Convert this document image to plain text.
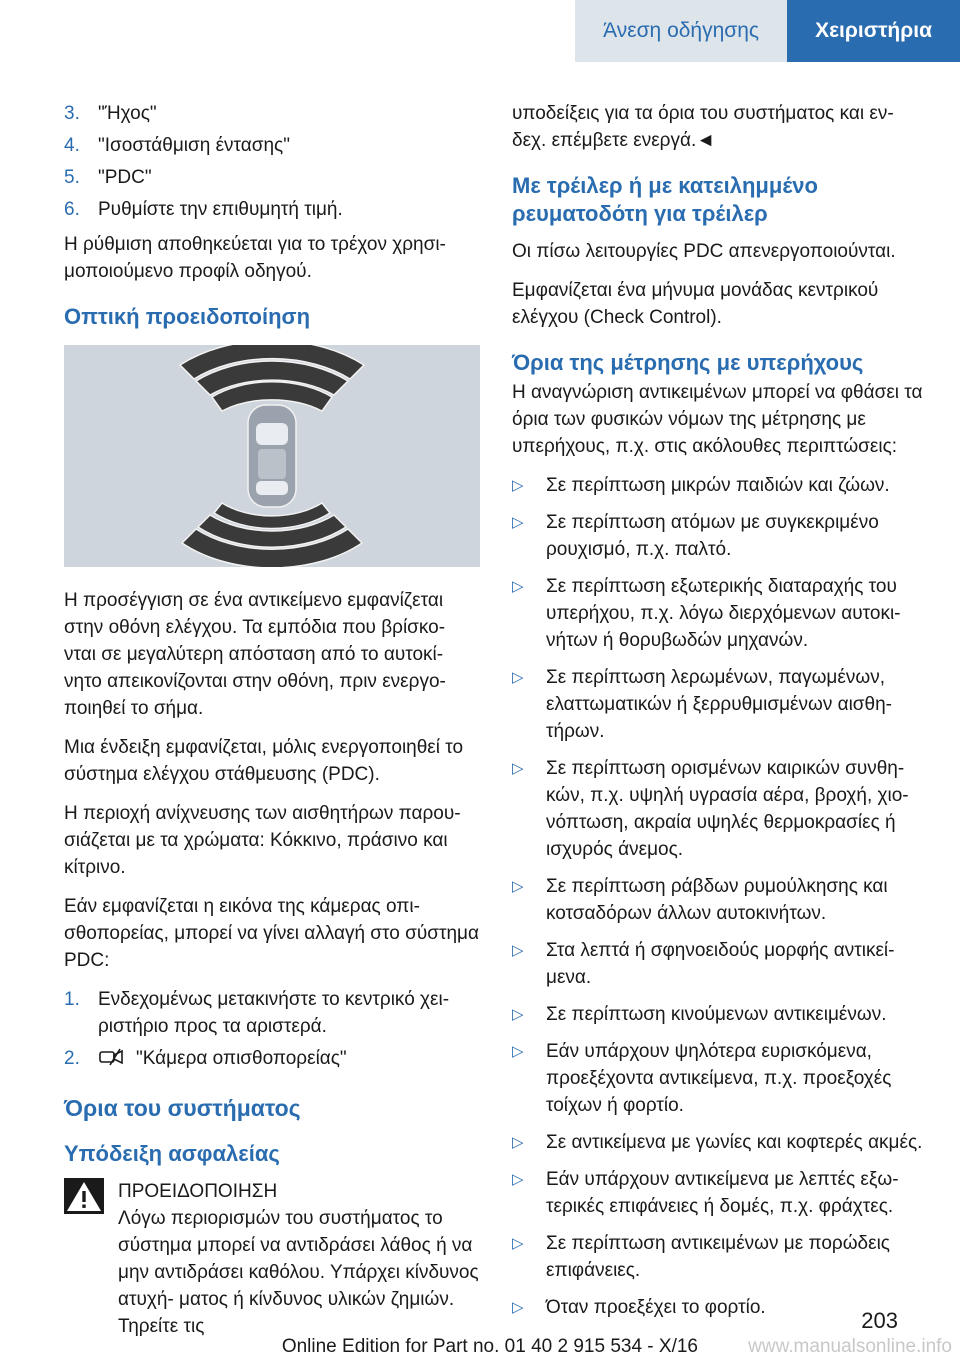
Άνεση οδήγησης	Χειριστήρια
3. "Ήχος"
4. "Ισοστάθμιση έντασης"
5. "PDC"
6. Ρυθμίστε την επιθυμητή τιμή.

Η ρύθμιση αποθηκεύεται για το τρέχον χρησι‐ μοποιούμενο προφίλ οδηγού.

Οπτική προειδοποίηση

Η προσέγγιση σε ένα αντικείμενο εμφανίζεται στην οθόνη ελέγχου. Τα εμπόδια που βρίσκο‐ νται σε μεγαλύτερη απόσταση από το αυτοκί‐ νητο απεικονίζονται στην οθόνη, πριν ενεργο‐ ποιηθεί το σήμα.

Μια ένδειξη εμφανίζεται, μόλις ενεργοποιηθεί το σύστημα ελέγχου στάθμευσης (PDC).

Η περιοχή ανίχνευσης των αισθητήρων παρου‐ σιάζεται με τα χρώματα: Κόκκινο, πράσινο και κίτρινο.

Εάν εμφανίζεται η εικόνα της κάμερας οπι‐ σθοπορείας, μπορεί να γίνει αλλαγή στο σύστημα PDC:

1. Ενδεχομένως μετακινήστε το κεντρικό χει‐ ριστήριο προς τα αριστερά.
2.	"Κάμερα οπισθοπορείας"
Όρια του συστήματος
Υπόδειξη ασφαλείας
ΠΡΟΕΙΔΟΠΟΙΗΣΗ
Λόγω περιορισμών του συστήματος το σύστημα μπορεί να αντιδράσει λάθος ή να μην αντιδράσει καθόλου. Υπάρχει κίνδυνος ατυχή‐ ματος ή κίνδυνος υλικών ζημιών. Τηρείτε τις

υποδείξεις για τα όρια του συστήματος και εν‐ δεχ. επέμβετε ενεργά.◄

Με τρέιλερ ή με κατειλημμένο ρευματοδότη για τρέιλερ

Οι πίσω λειτουργίες PDC απενεργοποιούνται.

Εμφανίζεται ένα μήνυμα μονάδας κεντρικού ελέγχου (Check Control).

Όρια της μέτρησης με υπερήχους

Η αναγνώριση αντικειμένων μπορεί να φθάσει τα όρια των φυσικών νόμων της μέτρησης με υπερήχους, π.χ. στις ακόλουθες περιπτώσεις:

▷	Σε περίπτωση μικρών παιδιών και ζώων.
▷	Σε περίπτωση ατόμων με συγκεκριμένο ρουχισμό, π.χ. παλτό.
▷	Σε περίπτωση εξωτερικής διαταραχής του υπερήχου, π.χ. λόγω διερχόμενων αυτοκι‐ νήτων ή θορυβωδών μηχανών.
▷	Σε περίπτωση λερωμένων, παγωμένων, ελαττωματικών ή ξερρυθμισμένων αισθη‐ τήρων.
▷	Σε περίπτωση ορισμένων καιρικών συνθη‐ κών, π.χ. υψηλή υγρασία αέρα, βροχή, χιο‐ νόπτωση, ακραία υψηλές θερμοκρασίες ή ισχυρός άνεμος.
▷	Σε περίπτωση ράβδων ρυμούλκησης και κοτσαδόρων άλλων αυτοκινήτων.
▷	Στα λεπτά ή σφηνοειδούς μορφής αντικεί‐ μενα.
▷	Σε περίπτωση κινούμενων αντικειμένων.
▷	Εάν υπάρχουν ψηλότερα ευρισκόμενα, προεξέχοντα αντικείμενα, π.χ. προεξοχές τοίχων ή φορτίο.
▷	Σε αντικείμενα με γωνίες και κοφτερές ακμές.
▷	Εάν υπάρχουν αντικείμενα με λεπτές εξω‐ τερικές επιφάνειες ή δομές, π.χ. φράχτες.
▷	Σε περίπτωση αντικειμένων με πορώδεις επιφάνειες.
▷	Όταν προεξέχει το φορτίο.
203
Online Edition for Part no. 01 40 2 915 534 - X/16	www.manualsonline.info
